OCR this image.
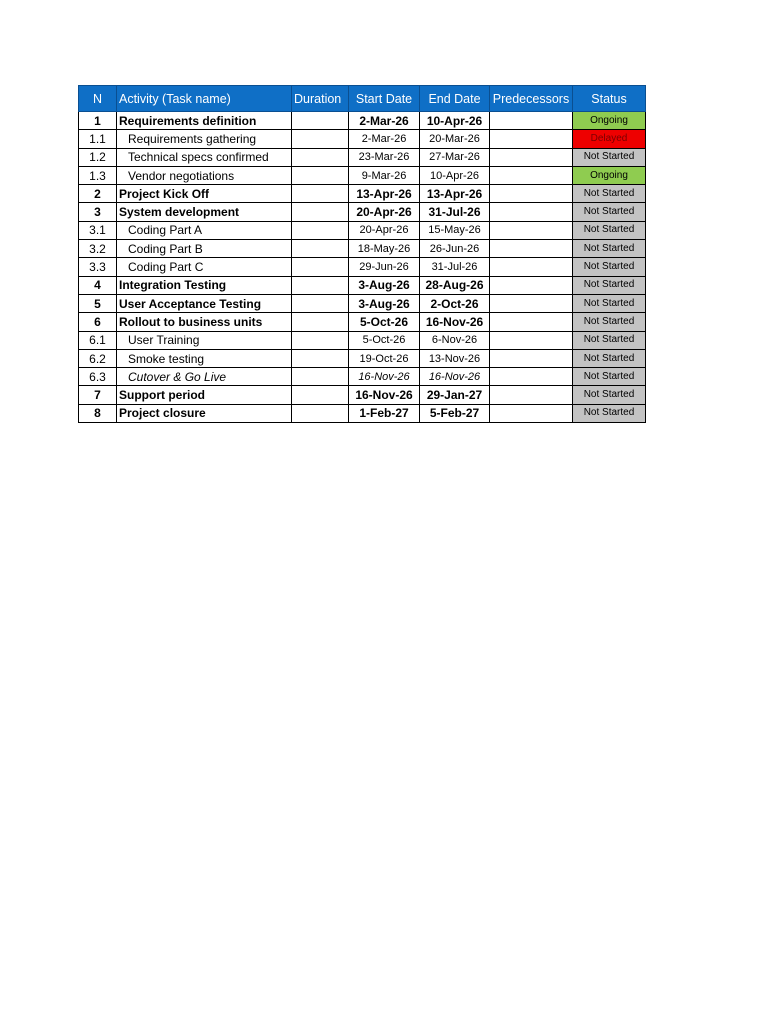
N	Activity (Task name)	Duration	Start Date	End Date	Predecessors	Status
1	Requirements definition		2-Mar-26	10-Apr-26		Ongoing
1.1	Requirements gathering		2-Mar-26	20-Mar-26		Delayed
1.2	Technical specs confirmed		23-Mar-26	27-Mar-26		Not Started
1.3	Vendor negotiations		9-Mar-26	10-Apr-26		Ongoing
2	Project Kick Off		13-Apr-26	13-Apr-26		Not Started
3	System development		20-Apr-26	31-Jul-26		Not Started
3.1	Coding Part A		20-Apr-26	15-May-26		Not Started
3.2	Coding Part B		18-May-26	26-Jun-26		Not Started
3.3	Coding Part C		29-Jun-26	31-Jul-26		Not Started
4	Integration Testing		3-Aug-26	28-Aug-26		Not Started
5	User Acceptance Testing		3-Aug-26	2-Oct-26		Not Started
6	Rollout to business units		5-Oct-26	16-Nov-26		Not Started
6.1	User Training		5-Oct-26	6-Nov-26		Not Started
6.2	Smoke testing		19-Oct-26	13-Nov-26		Not Started
6.3	Cutover & Go Live		16-Nov-26	16-Nov-26		Not Started
7	Support period		16-Nov-26	29-Jan-27		Not Started
8	Project closure		1-Feb-27	5-Feb-27		Not Started
